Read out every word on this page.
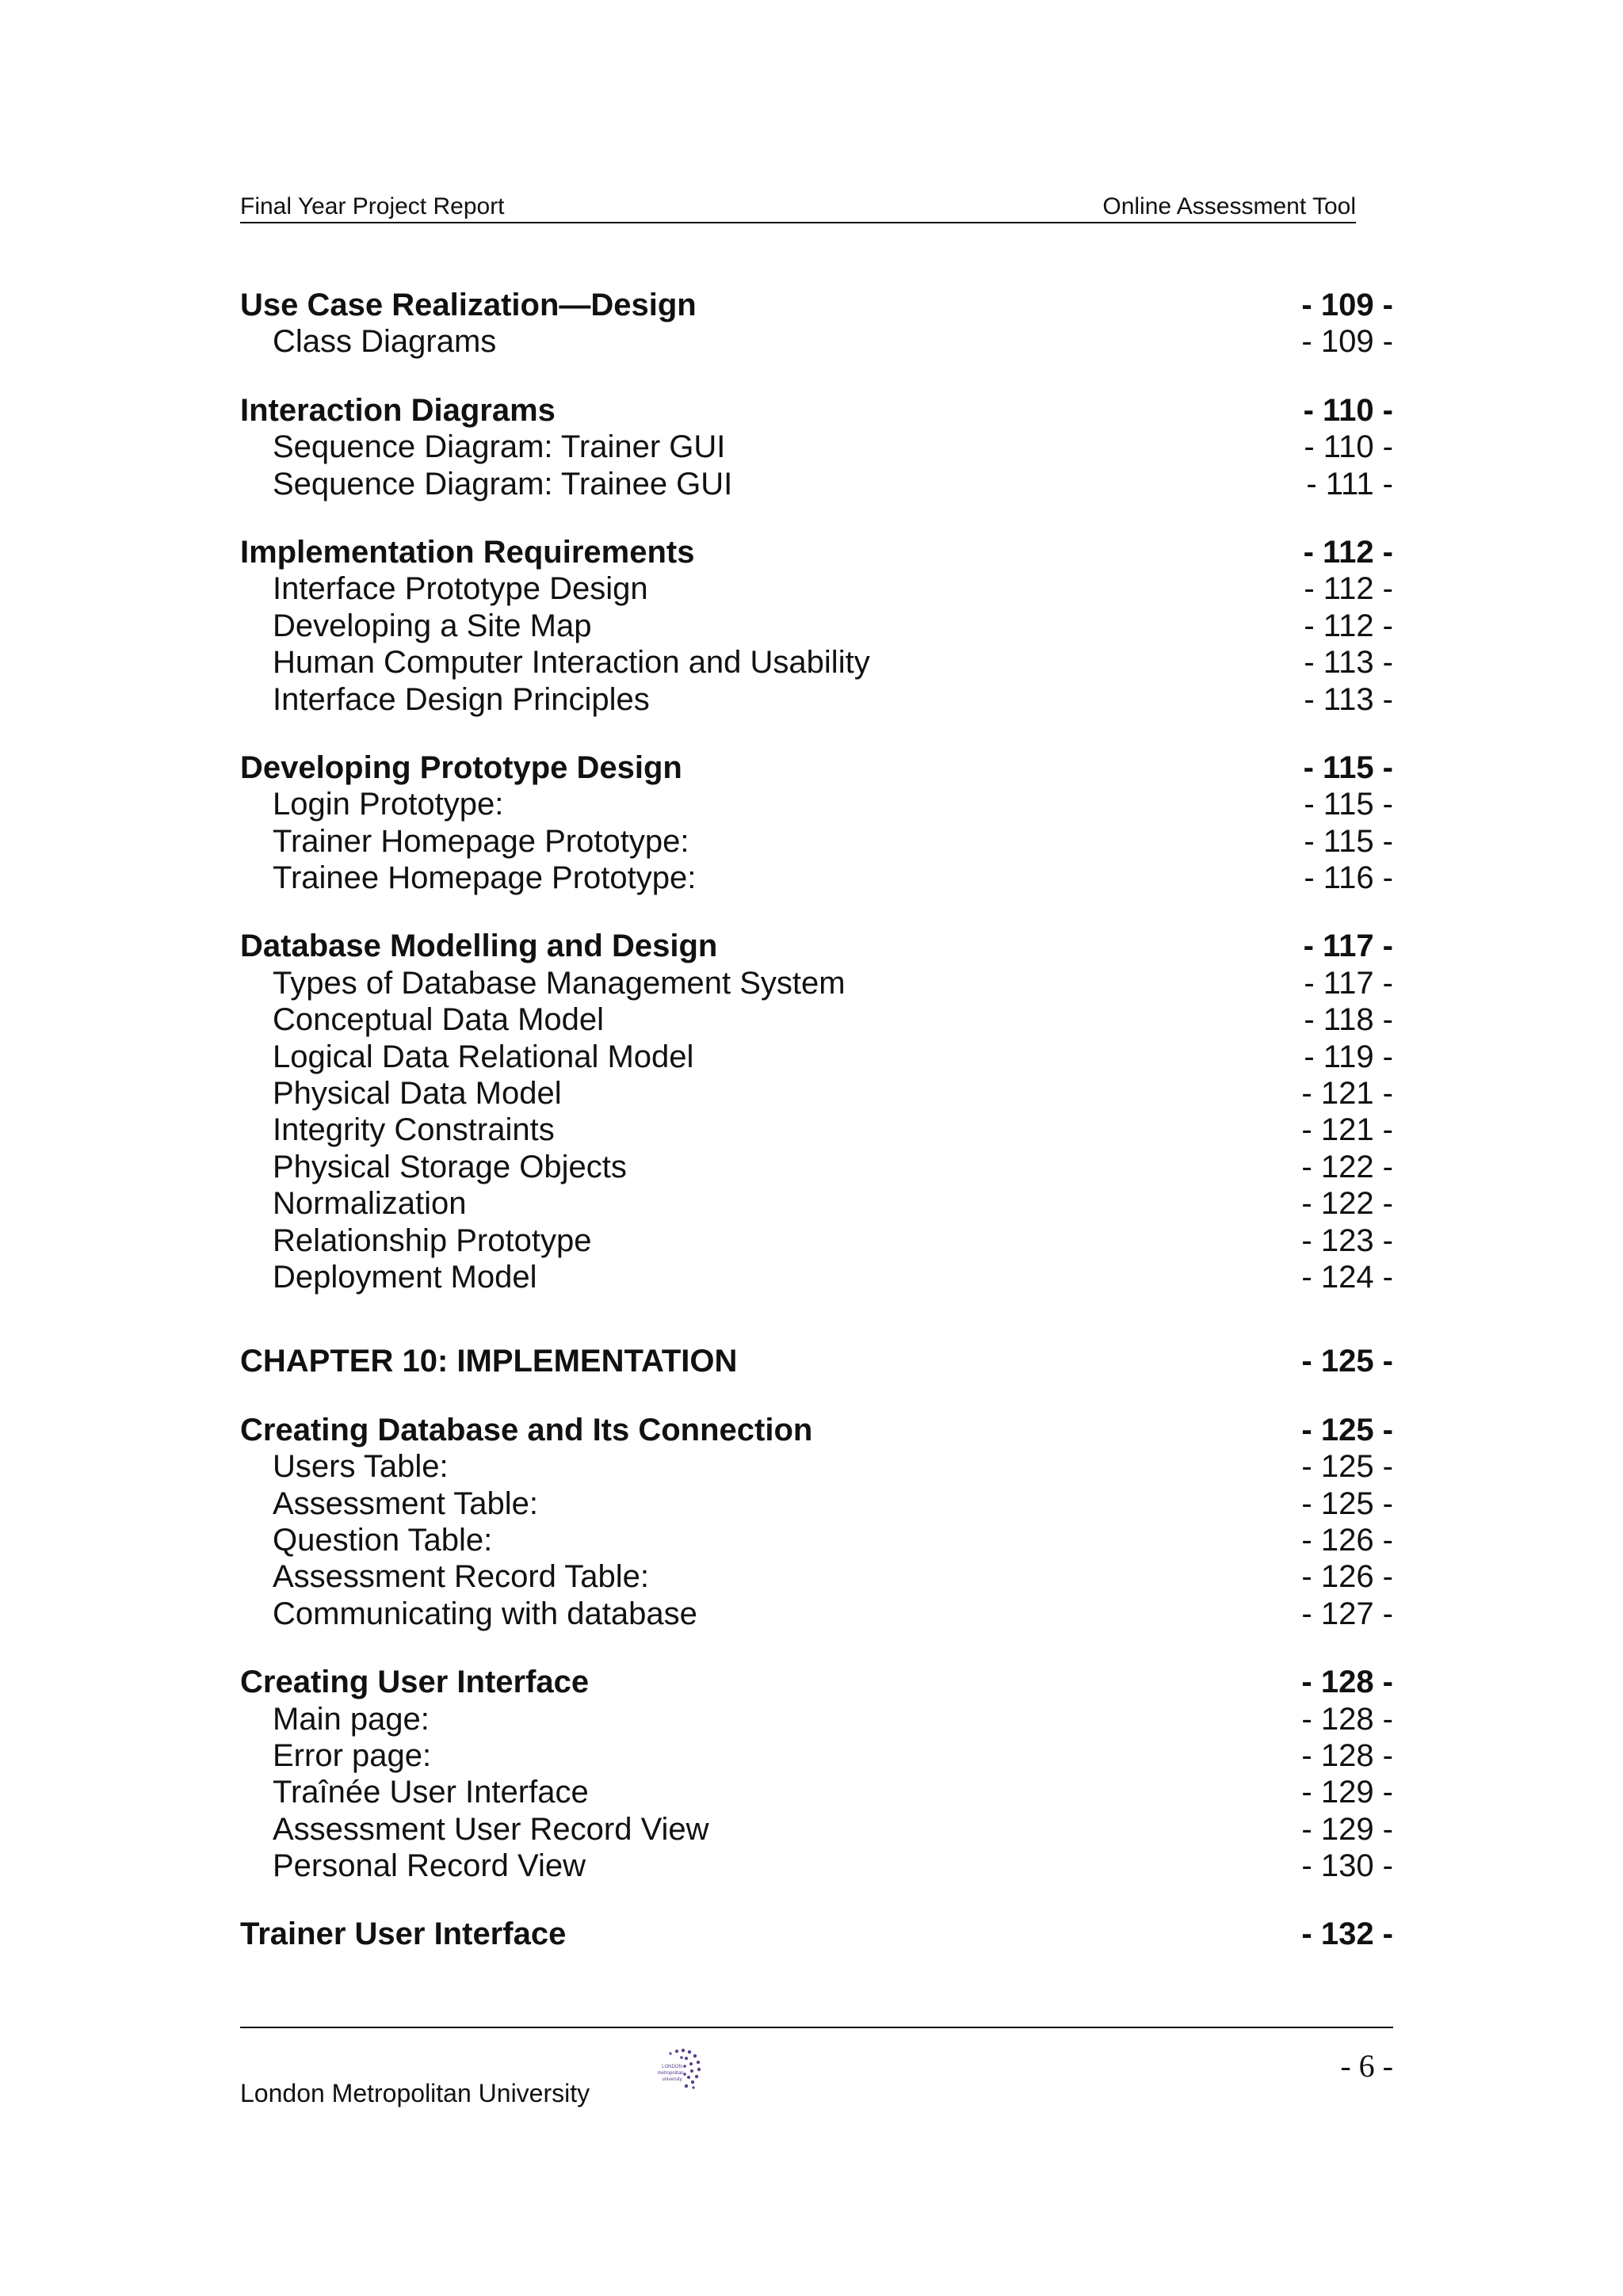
Final Year Project Report	Online Assessment Tool
Use Case Realization—Design	- 109 -
Class Diagrams	- 109 -
Interaction Diagrams	- 110 -
Sequence Diagram: Trainer GUI	- 110 -
Sequence Diagram: Trainee GUI	- 111 -
Implementation Requirements	- 112 -
Interface Prototype Design	- 112 -
Developing a Site Map	- 112 -
Human Computer Interaction and Usability	- 113 -
Interface Design Principles	- 113 -
Developing Prototype Design	- 115 -
Login Prototype:	- 115 -
Trainer Homepage Prototype:	- 115 -
Trainee Homepage Prototype:	- 116 -
Database Modelling and Design	- 117 -
Types of Database Management System	- 117 -
Conceptual Data Model	- 118 -
Logical Data Relational Model	- 119 -
Physical Data Model	- 121 -
Integrity Constraints	- 121 -
Physical Storage Objects	- 122 -
Normalization	- 122 -
Relationship Prototype	- 123 -
Deployment Model	- 124 -
CHAPTER 10: IMPLEMENTATION	- 125 -
Creating Database and Its Connection	- 125 -
Users Table:	- 125 -
Assessment Table:	- 125 -
Question Table:	- 126 -
Assessment Record Table:	- 126 -
Communicating with database	- 127 -
Creating User Interface	- 128 -
Main page:	- 128 -
Error page:	- 128 -
Traînée User Interface	- 129 -
Assessment User Record View	- 129 -
Personal Record View	- 130 -
Trainer User Interface	- 132 -
London Metropolitan University
LONDON
metropolitan
university	- 6 -
